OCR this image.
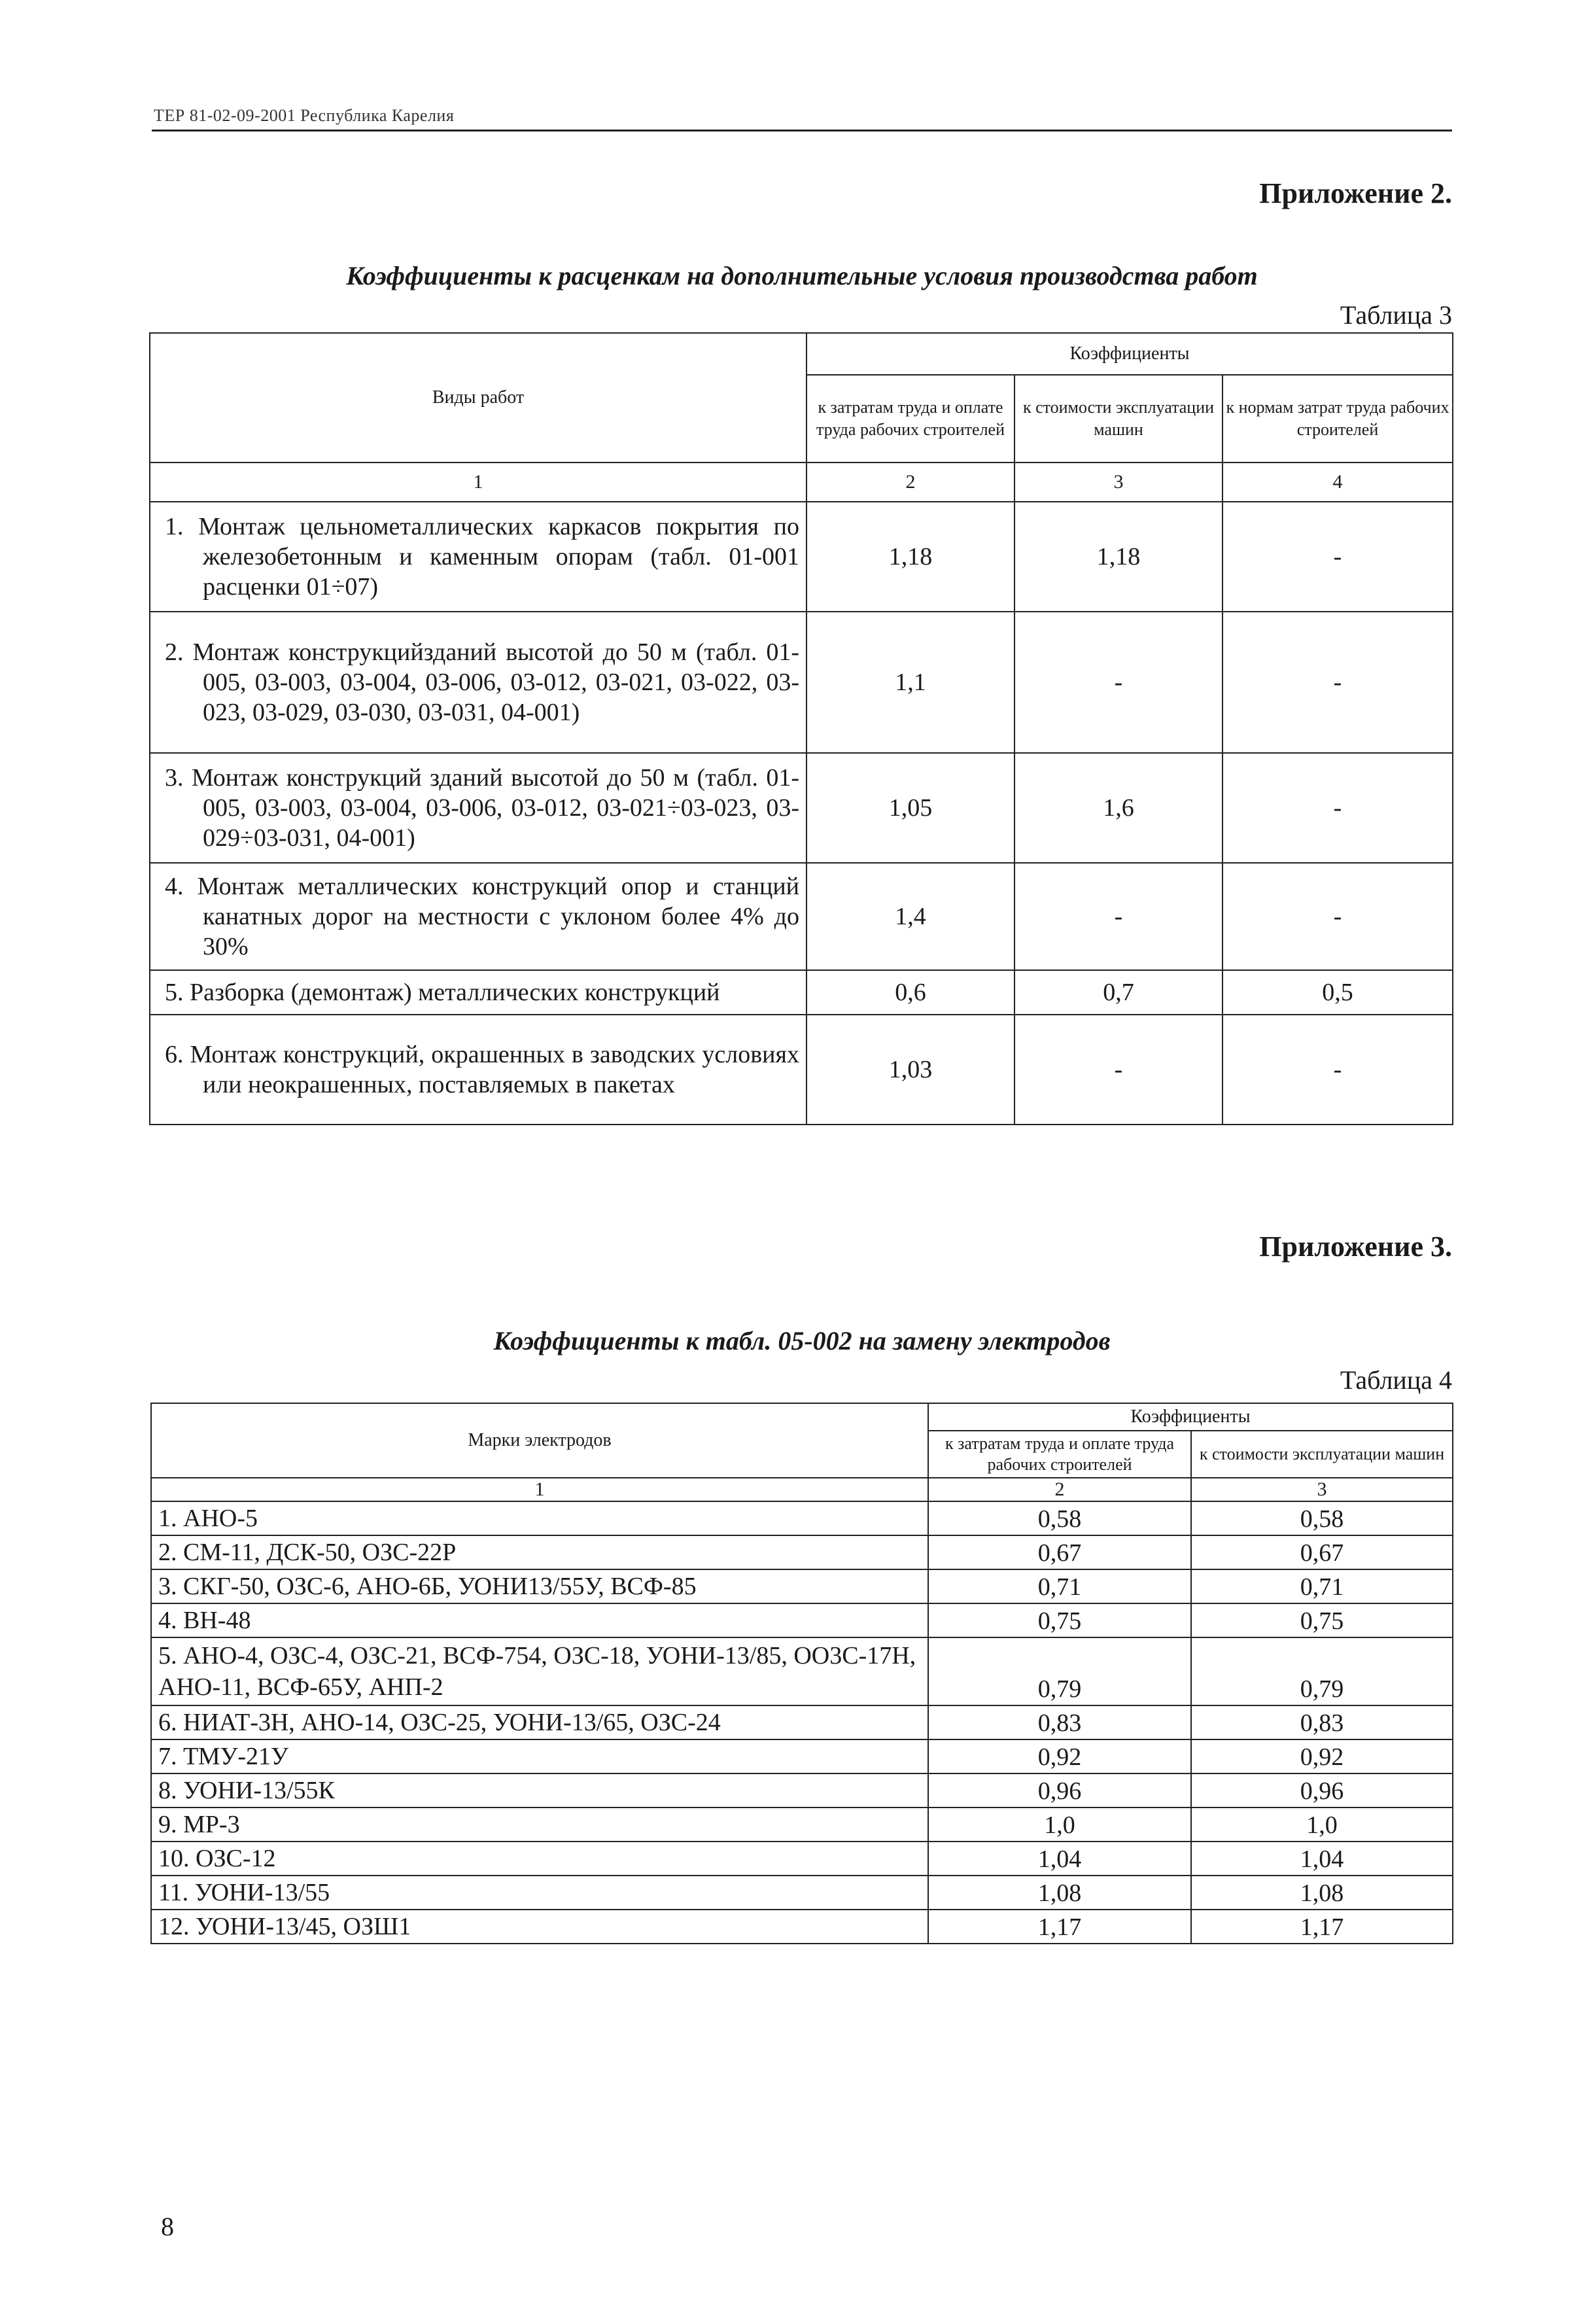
ТЕР 81-02-09-2001 Республика Карелия
Приложение 2.
Коэффициенты к расценкам на дополнительные условия производства работ
Таблица 3
Виды работ	Коэффициенты		
	к затратам труда и оплате труда рабочих строителей	к стоимости эксплуатации машин	к нормам затрат труда рабочих строителей
1	2	3	4
1. Монтаж цельнометаллических каркасов покрытия по железобетонным и каменным опорам (табл. 01-001 расценки 01÷07)	1,18	1,18	-
2. Монтаж конструкцийзданий высотой до 50 м (табл. 01-005, 03-003, 03-004, 03-006, 03-012, 03-021, 03-022, 03-023, 03-029, 03-030, 03-031, 04-001)	1,1	-	-
3. Монтаж конструкций зданий высотой до 50 м (табл. 01-005, 03-003, 03-004, 03-006, 03-012, 03-021÷03-023, 03-029÷03-031, 04-001)	1,05	1,6	-
4. Монтаж металлических конструкций опор и станций канатных дорог на местности с уклоном более 4% до 30%	1,4	-	-
5. Разборка (демонтаж) металлических конструкций	0,6	0,7	0,5
6. Монтаж конструкций, окрашенных в заводских условиях или неокрашенных, поставляемых в пакетах	1,03	-	-
Приложение 3.
Коэффициенты к табл. 05-002 на замену электродов
Таблица 4
Марки электродов	Коэффициенты	
	к затратам труда и оплате труда рабочих строителей	к стоимости эксплуатации машин
1	2	3
1. АНО-5	0,58	0,58
2. СМ-11, ДСК-50, ОЗС-22Р	0,67	0,67
3. СКГ-50, ОЗС-6, АНО-6Б, УОНИ13/55У, ВСФ-85	0,71	0,71
4. ВН-48	0,75	0,75
5. АНО-4, ОЗС-4, ОЗС-21, ВСФ-754, ОЗС-18, УОНИ-13/85, ОО3С-17Н, АНО-11, ВСФ-65У, АНП-2	0,79	0,79
6. НИАТ-3Н, АНО-14, ОЗС-25, УОНИ-13/65, ОЗС-24	0,83	0,83
7. ТМУ-21У	0,92	0,92
8. УОНИ-13/55К	0,96	0,96
9. МР-3	1,0	1,0
10. ОЗС-12	1,04	1,04
11. УОНИ-13/55	1,08	1,08
12. УОНИ-13/45, ОЗШ1	1,17	1,17
8
